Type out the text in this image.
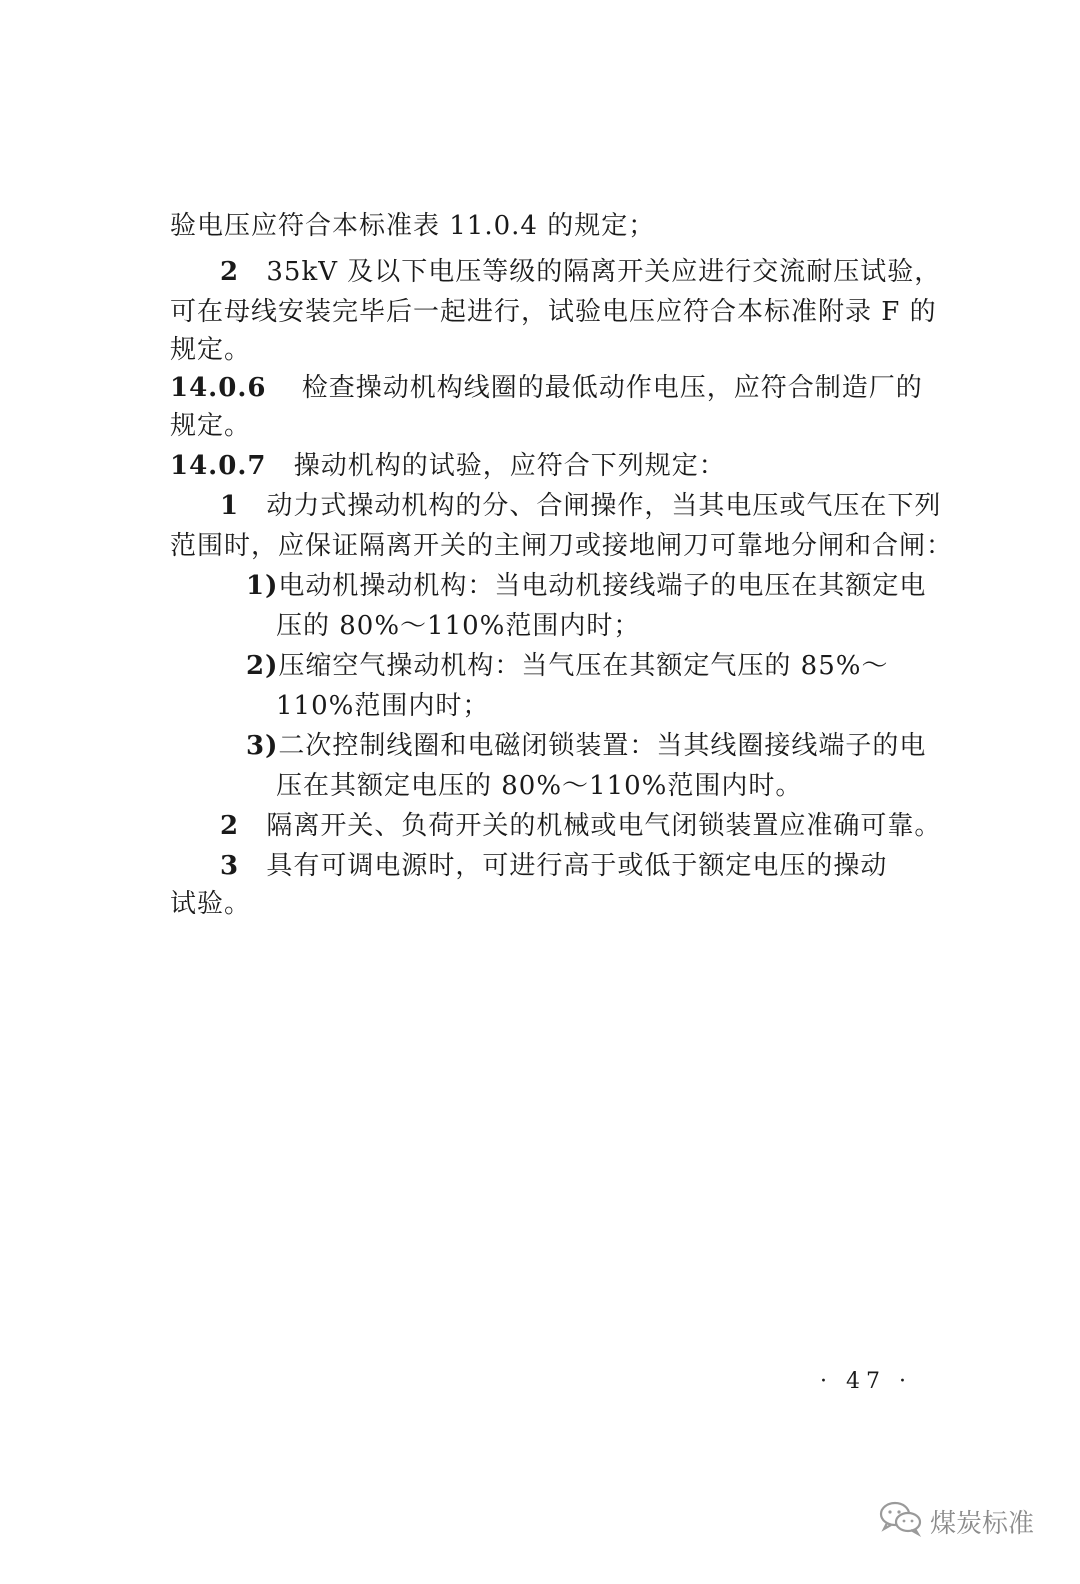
验电压应符合本标准表 11.0.4 的规定；
2 35kV 及以下电压等级的隔离开关应进行交流耐压试验，
可在母线安装完毕后一起进行，试验电压应符合本标准附录 F 的
规定。
14.0.6 检查操动机构线圈的最低动作电压，应符合制造厂的
规定。
14.0.7 操动机构的试验，应符合下列规定：
1 动力式操动机构的分、合闸操作，当其电压或气压在下列
范围时，应保证隔离开关的主闸刀或接地闸刀可靠地分闸和合闸：
1)电动机操动机构：当电动机接线端子的电压在其额定电
压的 80%～110%范围内时；
2)压缩空气操动机构：当气压在其额定气压的 85%～
110%范围内时；
3)二次控制线圈和电磁闭锁装置：当其线圈接线端子的电
压在其额定电压的 80%～110%范围内时。
2 隔离开关、负荷开关的机械或电气闭锁装置应准确可靠。
3 具有可调电源时，可进行高于或低于额定电压的操动
试验。
· 47 ·
煤炭标准
